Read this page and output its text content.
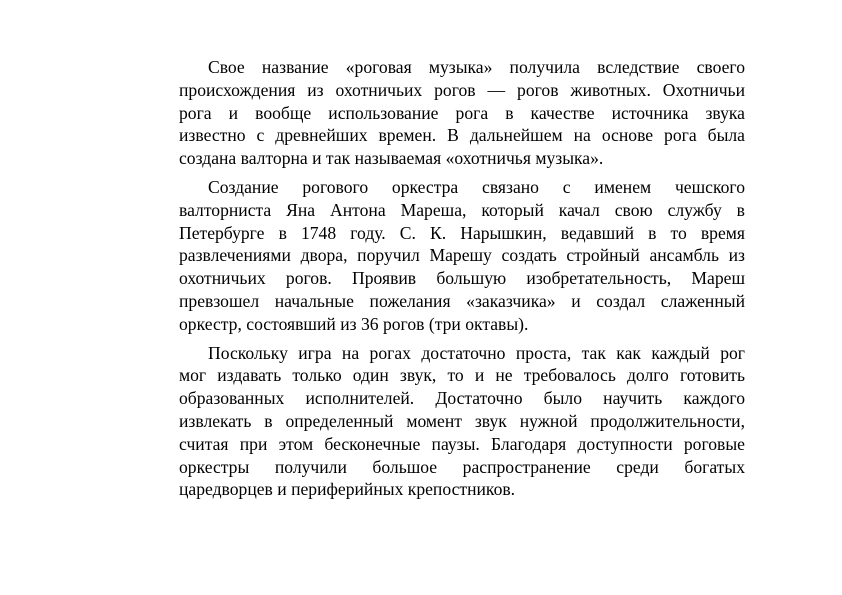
Свое название «роговая музыка» получила вследствие своего
происхождения из охотничьих рогов — рогов животных. Охотничьи
рога и вообще использование рога в качестве источника звука
известно с древнейших времен. В дальнейшем на основе рога была
создана валторна и так называемая «охотничья музыка».
Создание рогового оркестра связано с именем чешского
валторниста Яна Антона Мареша, который качал свою службу в
Петербурге в 1748 году. С. К. Нарышкин, ведавший в то время
развлечениями двора, поручил Марешу создать стройный ансамбль из
охотничьих рогов. Проявив большую изобретательность, Мареш
превзошел начальные пожелания «заказчика» и создал слаженный
оркестр, состоявший из 36 рогов (три октавы).
Поскольку игра на рогах достаточно проста, так как каждый рог
мог издавать только один звук, то и не требовалось долго готовить
образованных исполнителей. Достаточно было научить каждого
извлекать в определенный момент звук нужной продолжительности,
считая при этом бесконечные паузы. Благодаря доступности роговые
оркестры получили большое распространение среди богатых
царедворцев и периферийных крепостников.
